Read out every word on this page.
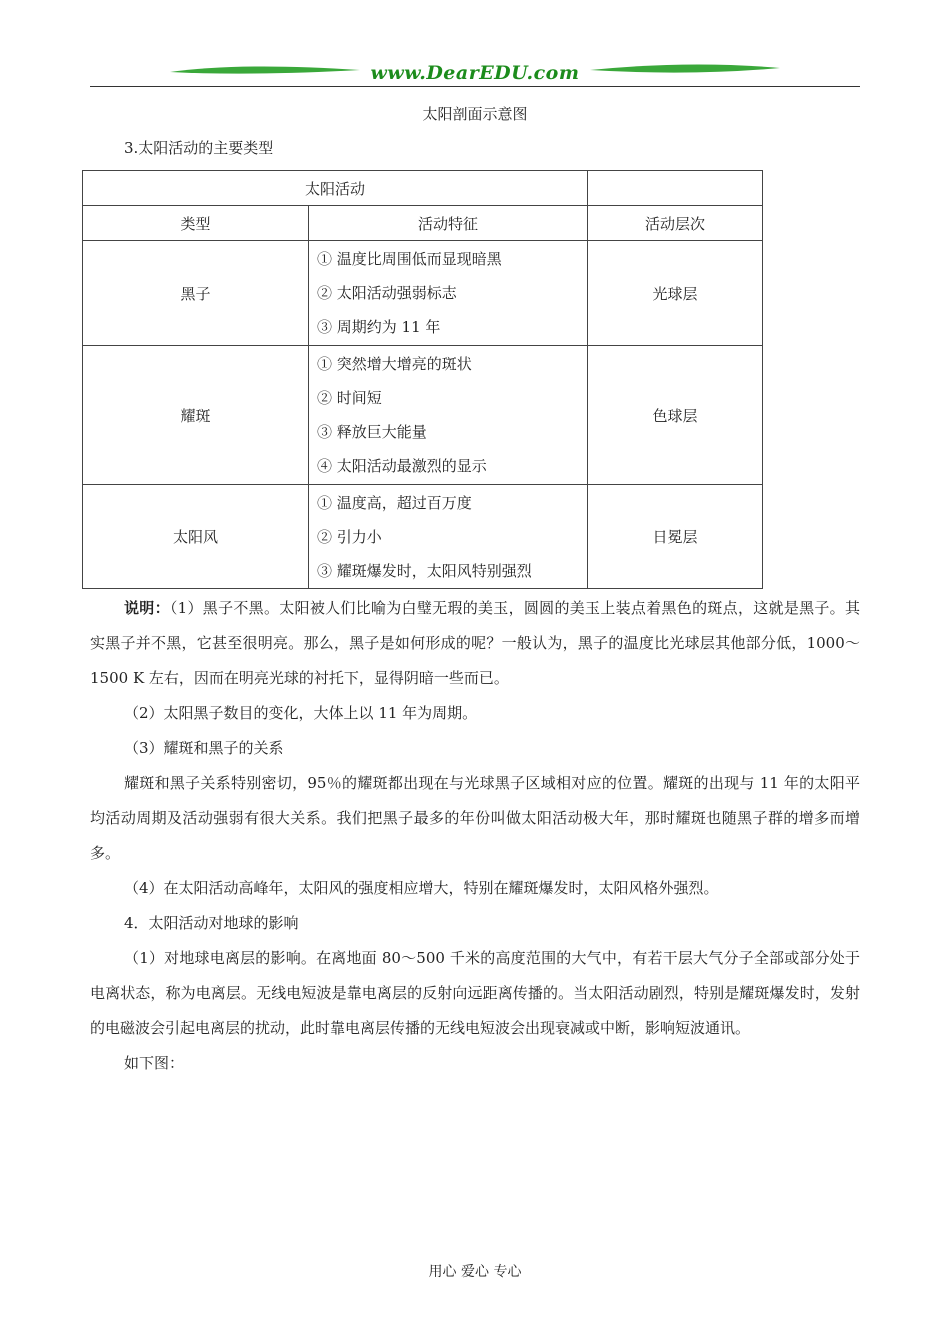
www.DearEDU.com
太阳剖面示意图
3.太阳活动的主要类型
太阳活动		
类型	活动特征	活动层次
黑子	① 温度比周围低而显现暗黑
② 太阳活动强弱标志
③ 周期约为 11 年	光球层
耀斑	① 突然增大增亮的斑状
② 时间短
③ 释放巨大能量
④ 太阳活动最激烈的显示	色球层
太阳风	① 温度高，超过百万度
② 引力小
③ 耀斑爆发时，太阳风特别强烈	日冕层

说明：（1）黑子不黑。太阳被人们比喻为白璧无瑕的美玉，圆圆的美玉上装点着黑色的斑点，这就是黑子。其实黑子并不黑，它甚至很明亮。那么，黑子是如何形成的呢？一般认为，黑子的温度比光球层其他部分低，1000～1500 K 左右，因而在明亮光球的衬托下，显得阴暗一些而已。

（2）太阳黑子数目的变化，大体上以 11 年为周期。

（3）耀斑和黑子的关系

耀斑和黑子关系特别密切，95％的耀斑都出现在与光球黑子区域相对应的位置。耀斑的出现与 11 年的太阳平均活动周期及活动强弱有很大关系。我们把黑子最多的年份叫做太阳活动极大年，那时耀斑也随黑子群的增多而增多。

（4）在太阳活动高峰年，太阳风的强度相应增大，特别在耀斑爆发时，太阳风格外强烈。

4．太阳活动对地球的影响

（1）对地球电离层的影响。在离地面 80～500 千米的高度范围的大气中，有若干层大气分子全部或部分处于电离状态，称为电离层。无线电短波是靠电离层的反射向远距离传播的。当太阳活动剧烈，特别是耀斑爆发时，发射的电磁波会引起电离层的扰动，此时靠电离层传播的无线电短波会出现衰减或中断，影响短波通讯。

如下图：

用心 爱心 专心
